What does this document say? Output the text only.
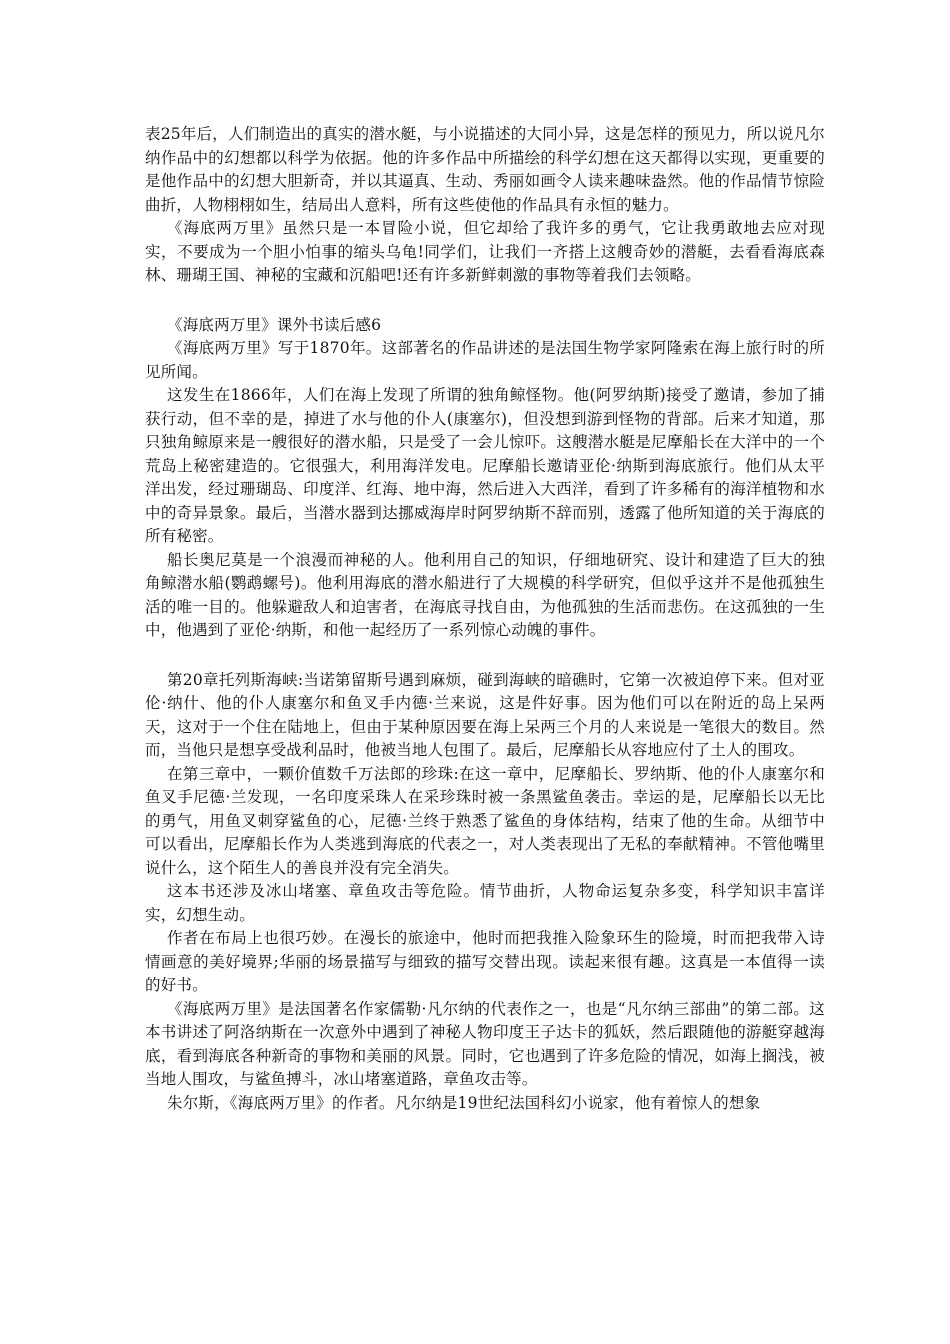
表25年后，人们制造出的真实的潜水艇，与小说描述的大同小异，这是怎样的预见力，所以说凡尔纳作品中的幻想都以科学为依据。他的许多作品中所描绘的科学幻想在这天都得以实现，更重要的是他作品中的幻想大胆新奇，并以其逼真、生动、秀丽如画令人读来趣味盎然。他的作品情节惊险曲折，人物栩栩如生，结局出人意料，所有这些使他的作品具有永恒的魅力。

《海底两万里》虽然只是一本冒险小说，但它却给了我许多的勇气，它让我勇敢地去应对现实，不要成为一个胆小怕事的缩头乌龟!同学们，让我们一齐搭上这艘奇妙的潜艇，去看看海底森林、珊瑚王国、神秘的宝藏和沉船吧!还有许多新鲜刺激的事物等着我们去领略。

《海底两万里》课外书读后感6

《海底两万里》写于1870年。这部著名的作品讲述的是法国生物学家阿隆索在海上旅行时的所见所闻。

这发生在1866年，人们在海上发现了所谓的独角鲸怪物。他(阿罗纳斯)接受了邀请，参加了捕获行动，但不幸的是，掉进了水与他的仆人(康塞尔)，但没想到游到怪物的背部。后来才知道，那只独角鲸原来是一艘很好的潜水船，只是受了一会儿惊吓。这艘潜水艇是尼摩船长在大洋中的一个荒岛上秘密建造的。它很强大，利用海洋发电。尼摩船长邀请亚伦·纳斯到海底旅行。他们从太平洋出发，经过珊瑚岛、印度洋、红海、地中海，然后进入大西洋，看到了许多稀有的海洋植物和水中的奇异景象。最后，当潜水器到达挪威海岸时阿罗纳斯不辞而别，透露了他所知道的关于海底的所有秘密。

船长奥尼莫是一个浪漫而神秘的人。他利用自己的知识，仔细地研究、设计和建造了巨大的独角鲸潜水船(鹦鹉螺号)。他利用海底的潜水船进行了大规模的科学研究，但似乎这并不是他孤独生活的唯一目的。他躲避敌人和迫害者，在海底寻找自由，为他孤独的生活而悲伤。在这孤独的一生中，他遇到了亚伦·纳斯，和他一起经历了一系列惊心动魄的事件。

第20章托列斯海峡:当诺第留斯号遇到麻烦，碰到海峡的暗礁时，它第一次被迫停下来。但对亚伦·纳什、他的仆人康塞尔和鱼叉手内德·兰来说，这是件好事。因为他们可以在附近的岛上呆两天，这对于一个住在陆地上，但由于某种原因要在海上呆两三个月的人来说是一笔很大的数目。然而，当他只是想享受战利品时，他被当地人包围了。最后，尼摩船长从容地应付了土人的围攻。

在第三章中，一颗价值数千万法郎的珍珠:在这一章中，尼摩船长、罗纳斯、他的仆人康塞尔和鱼叉手尼德·兰发现，一名印度采珠人在采珍珠时被一条黑鲨鱼袭击。幸运的是，尼摩船长以无比的勇气，用鱼叉刺穿鲨鱼的心，尼德·兰终于熟悉了鲨鱼的身体结构，结束了他的生命。从细节中可以看出，尼摩船长作为人类逃到海底的代表之一，对人类表现出了无私的奉献精神。不管他嘴里说什么，这个陌生人的善良并没有完全消失。

这本书还涉及冰山堵塞、章鱼攻击等危险。情节曲折，人物命运复杂多变，科学知识丰富详实，幻想生动。

作者在布局上也很巧妙。在漫长的旅途中，他时而把我推入险象环生的险境，时而把我带入诗情画意的美好境界;华丽的场景描写与细致的描写交替出现。读起来很有趣。这真是一本值得一读的好书。

《海底两万里》是法国著名作家儒勒·凡尔纳的代表作之一，也是“凡尔纳三部曲”的第二部。这本书讲述了阿洛纳斯在一次意外中遇到了神秘人物印度王子达卡的狐妖，然后跟随他的游艇穿越海底，看到海底各种新奇的事物和美丽的风景。同时，它也遇到了许多危险的情况，如海上搁浅，被当地人围攻，与鲨鱼搏斗，冰山堵塞道路，章鱼攻击等。

朱尔斯，《海底两万里》的作者。凡尔纳是19世纪法国科幻小说家，他有着惊人的想象
